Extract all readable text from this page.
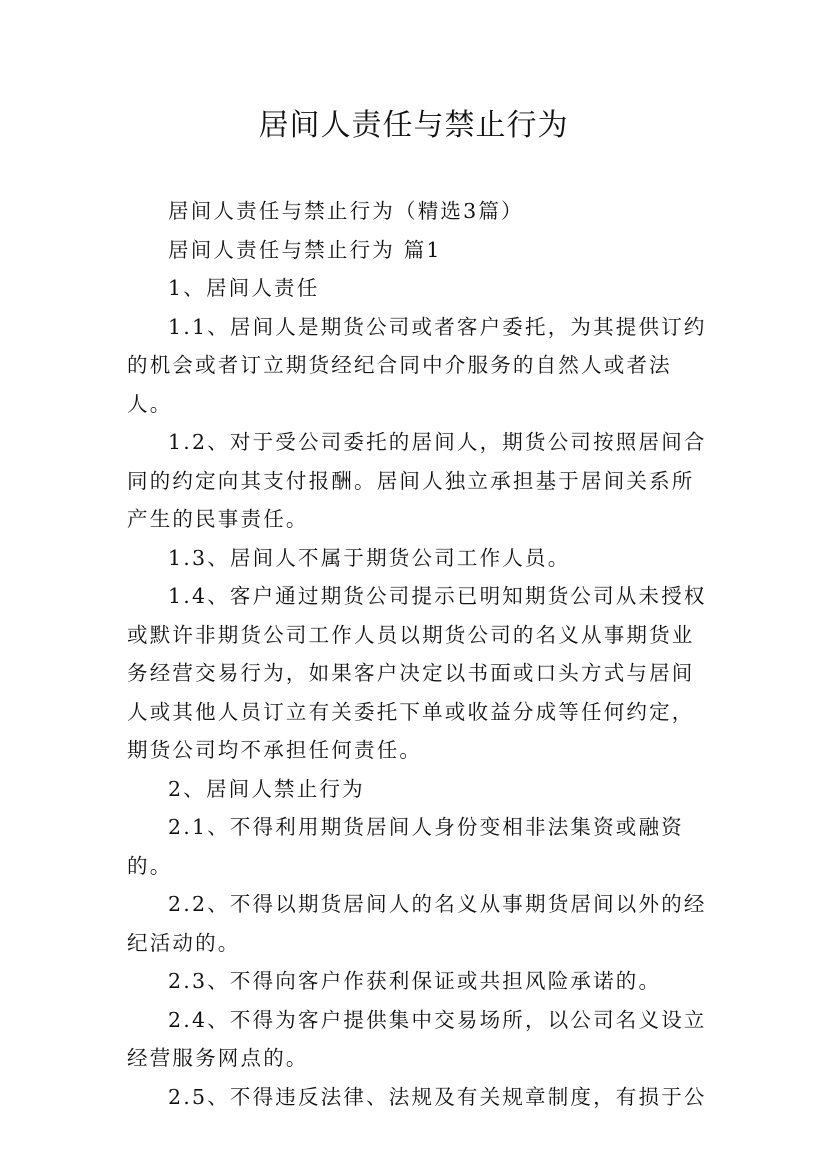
居间人责任与禁止行为

居间人责任与禁止行为（精选3篇）

居间人责任与禁止行为 篇1

1、居间人责任

1.1、居间人是期货公司或者客户委托，为其提供订约的机会或者订立期货经纪合同中介服务的自然人或者法人。

1.2、对于受公司委托的居间人，期货公司按照居间合同的约定向其支付报酬。居间人独立承担基于居间关系所产生的民事责任。

1.3、居间人不属于期货公司工作人员。

1.4、客户通过期货公司提示已明知期货公司从未授权或默许非期货公司工作人员以期货公司的名义从事期货业务经营交易行为，如果客户决定以书面或口头方式与居间人或其他人员订立有关委托下单或收益分成等任何约定，期货公司均不承担任何责任。

2、居间人禁止行为

2.1、不得利用期货居间人身份变相非法集资或融资的。

2.2、不得以期货居间人的名义从事期货居间以外的经纪活动的。

2.3、不得向客户作获利保证或共担风险承诺的。

2.4、不得为客户提供集中交易场所，以公司名义设立经营服务网点的。

2.5、不得违反法律、法规及有关规章制度，有损于公
